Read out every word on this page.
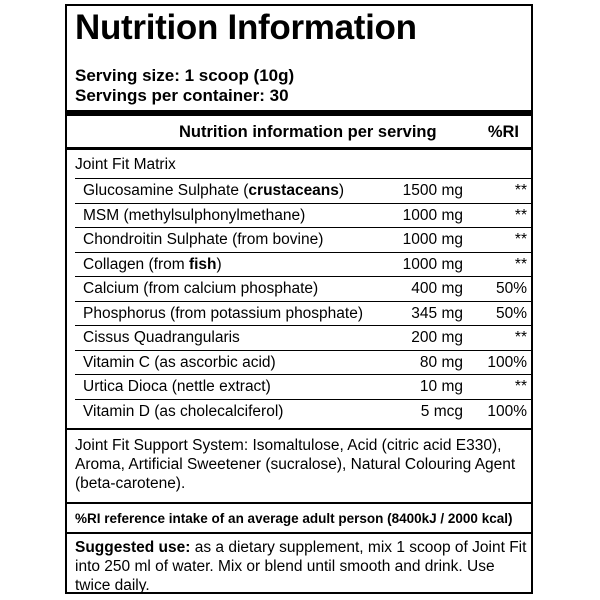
Nutrition Information
Serving size: 1 scoop (10g)
Servings per container: 30
Nutrition information per serving	%RI
Joint Fit Matrix
Glucosamine Sulphate (crustaceans)	1500 mg	**
MSM (methylsulphonylmethane)	1000 mg	**
Chondroitin Sulphate (from bovine)	1000 mg	**
Collagen (from fish)	1000 mg	**
Calcium (from calcium phosphate)	400 mg 50%
Phosphorus (from potassium phosphate)	345 mg 50%
Cissus Quadrangularis	200 mg	**
Vitamin C (as ascorbic acid)	80 mg 100%
Urtica Dioca (nettle extract)	10 mg	**
Vitamin D (as cholecalciferol)	5 mcg 100%
Joint Fit Support System: Isomaltulose, Acid (citric acid E330), Aroma, Artificial Sweetener (sucralose), Natural Colouring Agent (beta-carotene).
%RI reference intake of an average adult person (8400kJ / 2000 kcal)
Suggested use: as a dietary supplement, mix 1 scoop of Joint Fit into 250 ml of water. Mix or blend until smooth and drink. Use twice daily.
